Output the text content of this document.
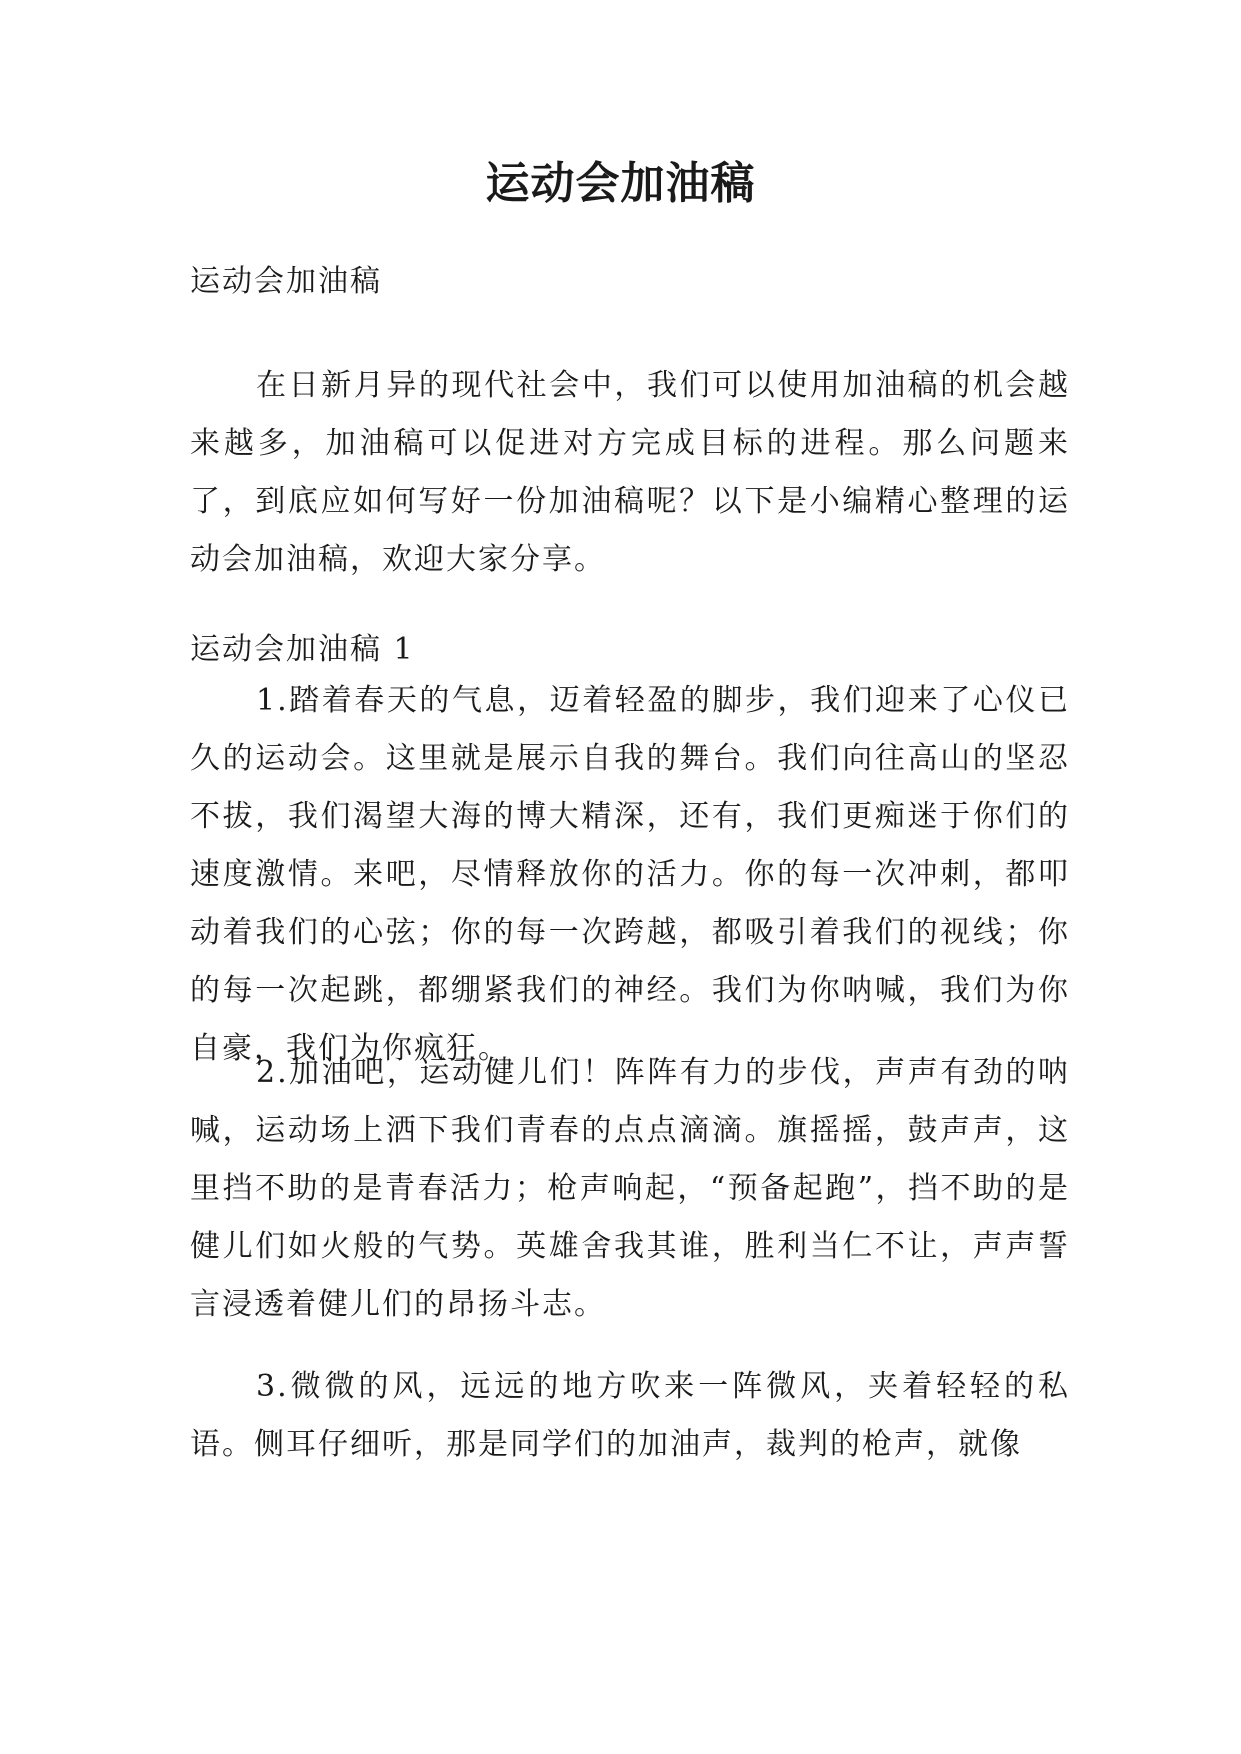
运动会加油稿

运动会加油稿

在日新月异的现代社会中，我们可以使用加油稿的机会越来越多，加油稿可以促进对方完成目标的进程。那么问题来了，到底应如何写好一份加油稿呢？以下是小编精心整理的运动会加油稿，欢迎大家分享。

运动会加油稿 1

1.踏着春天的气息，迈着轻盈的脚步，我们迎来了心仪已久的运动会。这里就是展示自我的舞台。我们向往高山的坚忍不拔，我们渴望大海的博大精深，还有，我们更痴迷于你们的速度激情。来吧，尽情释放你的活力。你的每一次冲刺，都叩动着我们的心弦；你的每一次跨越，都吸引着我们的视线；你的每一次起跳，都绷紧我们的神经。我们为你呐喊，我们为你自豪，我们为你疯狂。

2.加油吧，运动健儿们！阵阵有力的步伐，声声有劲的呐喊，运动场上洒下我们青春的点点滴滴。旗摇摇，鼓声声，这里挡不助的是青春活力；枪声响起，“预备起跑”，挡不助的是健儿们如火般的气势。英雄舍我其谁，胜利当仁不让，声声誓言浸透着健儿们的昂扬斗志。

3.微微的风，远远的地方吹来一阵微风，夹着轻轻的私语。侧耳仔细听，那是同学们的加油声，裁判的枪声，就像
